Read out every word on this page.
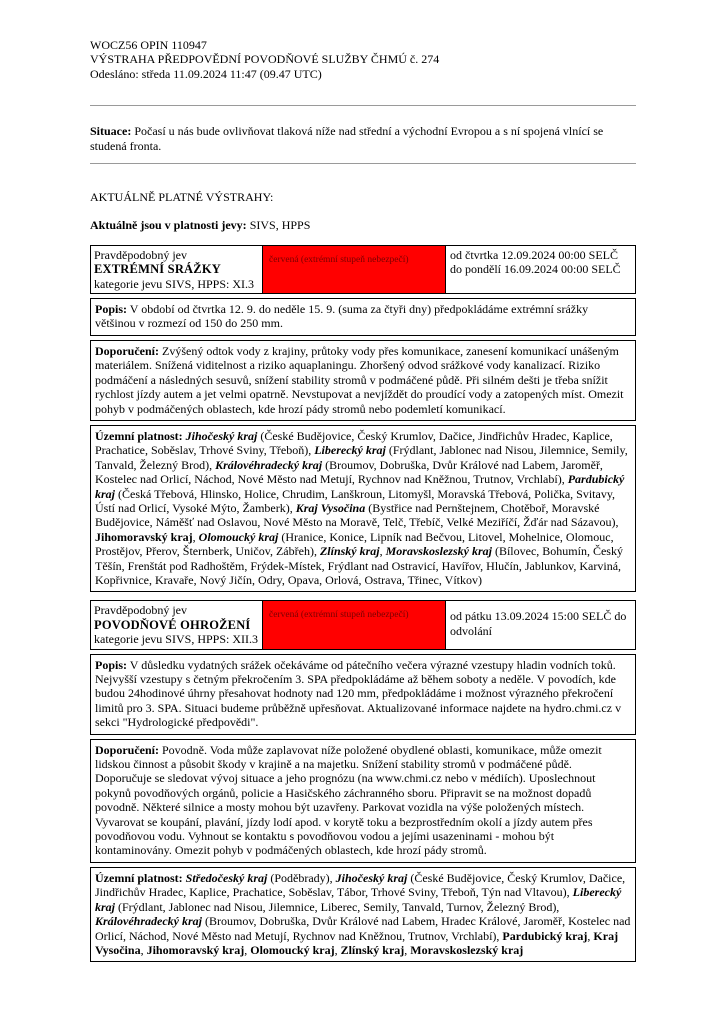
WOCZ56 OPIN 110947
VÝSTRAHA PŘEDPOVĚDNÍ POVODŇOVÉ SLUŽBY ČHMÚ č. 274
Odesláno: středa 11.09.2024 11:47 (09.47 UTC)
Situace: Počasí u nás bude ovlivňovat tlaková níže nad střední a východní Evropou a s ní spojená vlnící se studená fronta.
AKTUÁLNĚ PLATNÉ VÝSTRAHY:
Aktuálně jsou v platnosti jevy: SIVS, HPPS
Pravděpodobný jev
EXTRÉMNÍ SRÁŽKY
kategorie jevu SIVS, HPPS: XI.3
červená (extrémní stupeň nebezpečí)	od čtvrtka 12.09.2024 00:00 SELČ do pondělí 16.09.2024 00:00 SELČ
Popis: V období od čtvrtka 12. 9. do neděle 15. 9. (suma za čtyři dny) předpokládáme extrémní srážky většinou v rozmezí od 150 do 250 mm.
Doporučení: Zvýšený odtok vody z krajiny, průtoky vody přes komunikace, zanesení komunikací unášeným materiálem. Snížená viditelnost a riziko aquaplaningu. Zhoršený odvod srážkové vody kanalizací. Riziko podmáčení a následných sesuvů, snížení stability stromů v podmáčené půdě. Při silném dešti je třeba snížit rychlost jízdy autem a jet velmi opatrně. Nevstupovat a nevjíždět do proudící vody a zatopených míst. Omezit pohyb v podmáčených oblastech, kde hrozí pády stromů nebo podemletí komunikací.
Územní platnost: Jihočeský kraj (České Budějovice, Český Krumlov, Dačice, Jindřichův Hradec, Kaplice, Prachatice, Soběslav, Trhové Sviny, Třeboň), Liberecký kraj (Frýdlant, Jablonec nad Nisou, Jilemnice, Semily, Tanvald, Železný Brod), Královéhradecký kraj (Broumov, Dobruška, Dvůr Králové nad Labem, Jaroměř, Kostelec nad Orlicí, Náchod, Nové Město nad Metují, Rychnov nad Kněžnou, Trutnov, Vrchlabí), Pardubický kraj (Česká Třebová, Hlinsko, Holice, Chrudim, Lanškroun, Litomyšl, Moravská Třebová, Polička, Svitavy, Ústí nad Orlicí, Vysoké Mýto, Žamberk), Kraj Vysočina (Bystřice nad Pernštejnem, Chotěboř, Moravské Budějovice, Náměšť nad Oslavou, Nové Město na Moravě, Telč, Třebíč, Velké Meziříčí, Žďár nad Sázavou), Jihomoravský kraj, Olomoucký kraj (Hranice, Konice, Lipník nad Bečvou, Litovel, Mohelnice, Olomouc, Prostějov, Přerov, Šternberk, Uničov, Zábřeh), Zlínský kraj, Moravskoslezský kraj (Bílovec, Bohumín, Český Těšín, Frenštát pod Radhoštěm, Frýdek-Místek, Frýdlant nad Ostravicí, Havířov, Hlučín, Jablunkov, Karviná, Kopřivnice, Kravaře, Nový Jičín, Odry, Opava, Orlová, Ostrava, Třinec, Vítkov)
Pravděpodobný jev
POVODŇOVÉ OHROŽENÍ
kategorie jevu SIVS, HPPS: XII.3
červená (extrémní stupeň nebezpečí)	od pátku 13.09.2024 15:00 SELČ do odvolání
Popis: V důsledku vydatných srážek očekáváme od pátečního večera výrazné vzestupy hladin vodních toků. Nejvyšší vzestupy s četným překročením 3. SPA předpokládáme až během soboty a neděle. V povodích, kde budou 24hodinové úhrny přesahovat hodnoty nad 120 mm, předpokládáme i možnost výrazného překročení limitů pro 3. SPA. Situaci budeme průběžně upřesňovat. Aktualizované informace najdete na hydro.chmi.cz v sekci "Hydrologické předpovědi".
Doporučení: Povodně. Voda může zaplavovat níže položené obydlené oblasti, komunikace, může omezit lidskou činnost a působit škody v krajině a na majetku. Snížení stability stromů v podmáčené půdě. Doporučuje se sledovat vývoj situace a jeho prognózu (na www.chmi.cz nebo v médiích). Uposlechnout pokynů povodňových orgánů, policie a Hasičského záchranného sboru. Připravit se na možnost dopadů povodně. Některé silnice a mosty mohou být uzavřeny. Parkovat vozidla na výše položených místech. Vyvarovat se koupání, plavání, jízdy lodí apod. v korytě toku a bezprostředním okolí a jízdy autem přes povodňovou vodu. Vyhnout se kontaktu s povodňovou vodou a jejími usazeninami - mohou být kontaminovány. Omezit pohyb v podmáčených oblastech, kde hrozí pády stromů.
Územní platnost: Středočeský kraj (Poděbrady), Jihočeský kraj (České Budějovice, Český Krumlov, Dačice, Jindřichův Hradec, Kaplice, Prachatice, Soběslav, Tábor, Trhové Sviny, Třeboň, Týn nad Vltavou), Liberecký kraj (Frýdlant, Jablonec nad Nisou, Jilemnice, Liberec, Semily, Tanvald, Turnov, Železný Brod), Královéhradecký kraj (Broumov, Dobruška, Dvůr Králové nad Labem, Hradec Králové, Jaroměř, Kostelec nad Orlicí, Náchod, Nové Město nad Metují, Rychnov nad Kněžnou, Trutnov, Vrchlabí), Pardubický kraj, Kraj Vysočina, Jihomoravský kraj, Olomoucký kraj, Zlínský kraj, Moravskoslezský kraj
